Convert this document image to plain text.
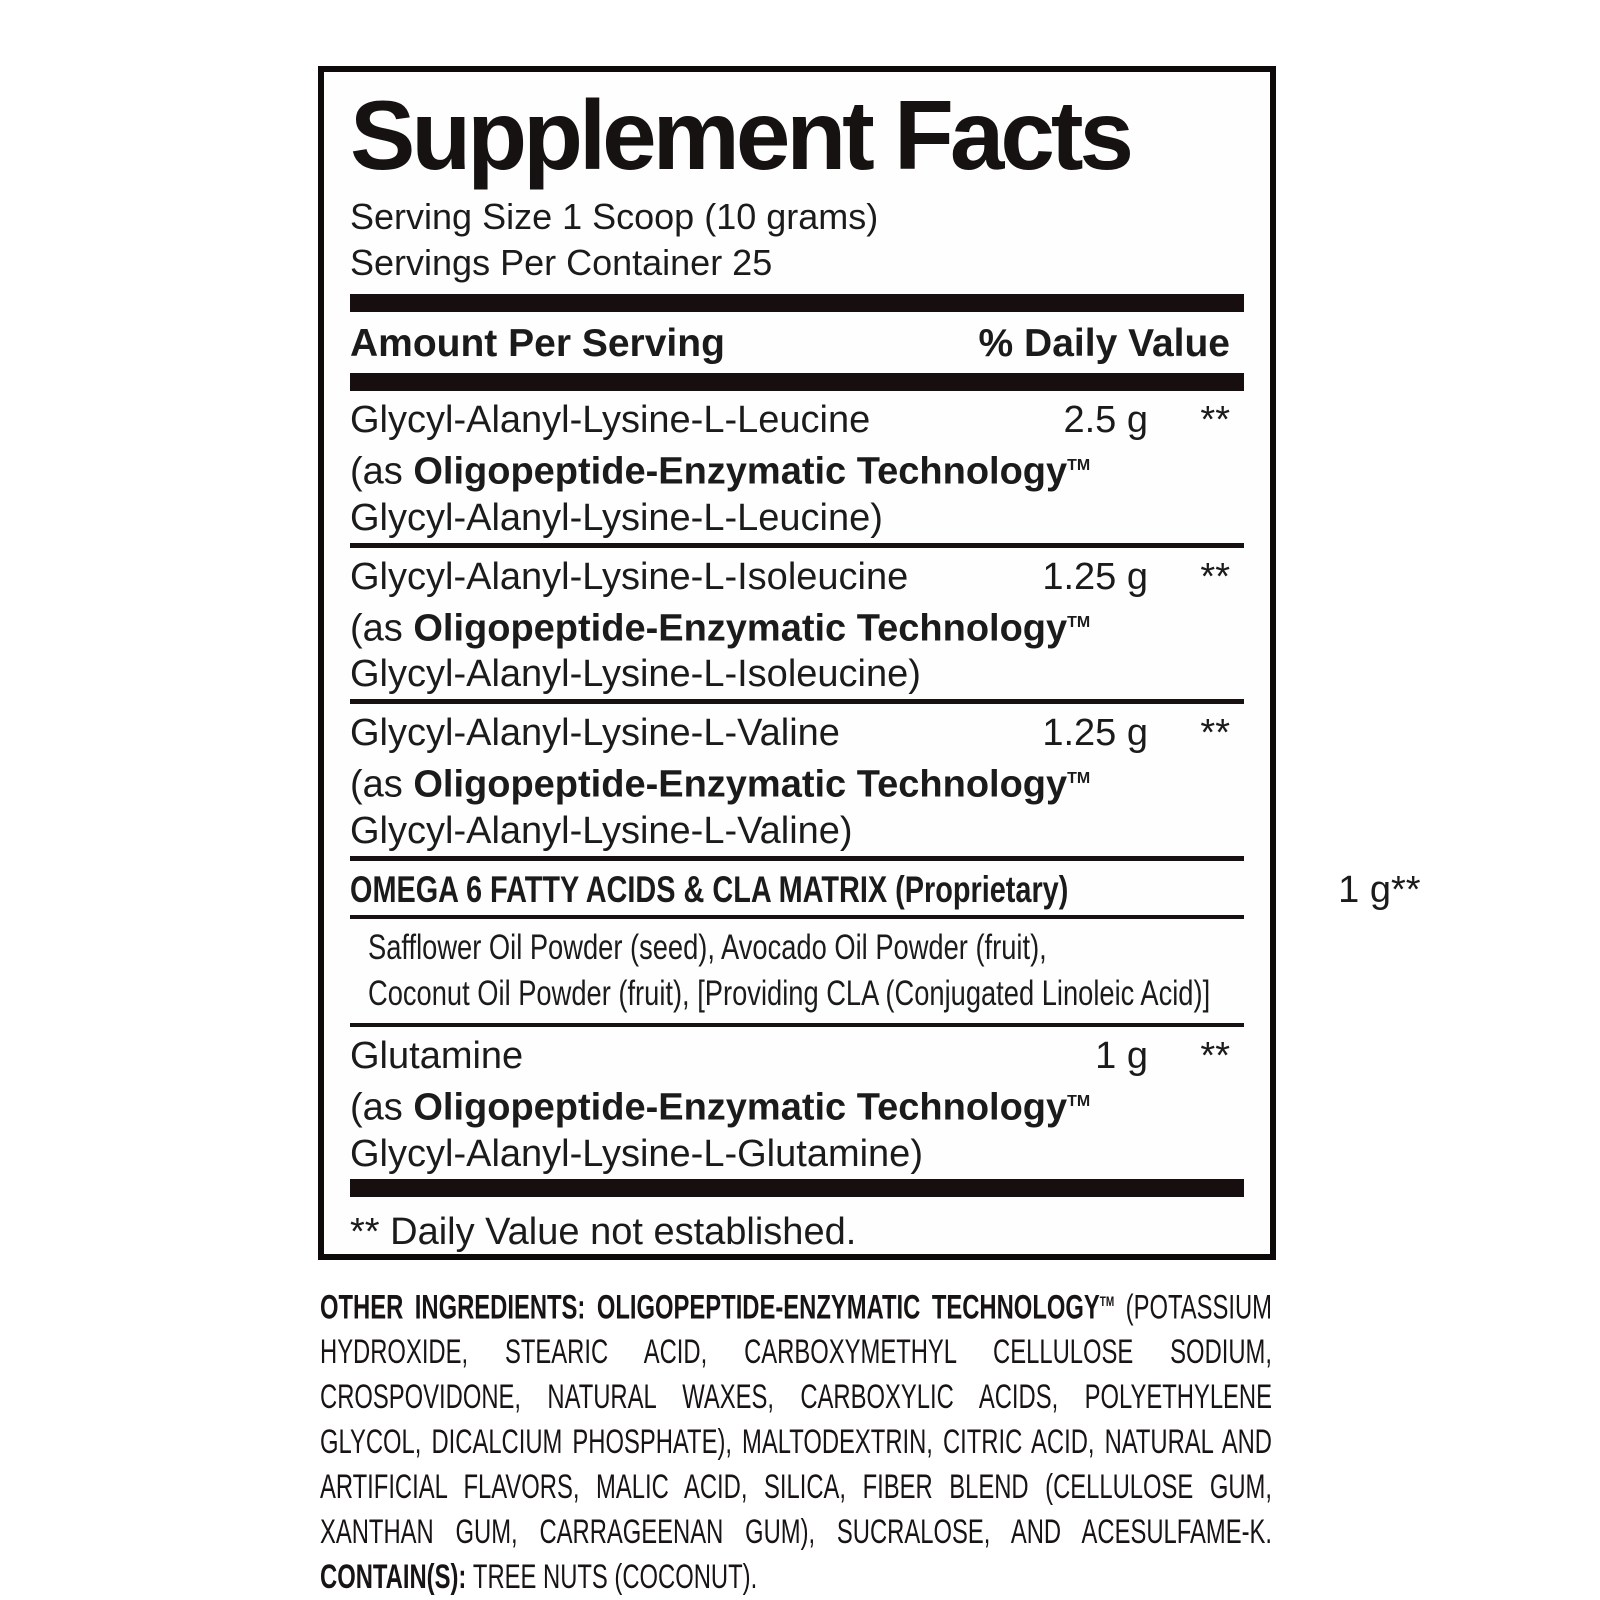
Supplement Facts
Serving Size 1 Scoop (10 grams)
Servings Per Container 25
Amount Per Serving	% Daily Value
Glycyl-Alanyl-Lysine-L-Leucine	2.5 g	**
(as Oligopeptide-Enzymatic Technology™
Glycyl-Alanyl-Lysine-L-Leucine)
Glycyl-Alanyl-Lysine-L-Isoleucine	1.25 g	**
(as Oligopeptide-Enzymatic Technology™
Glycyl-Alanyl-Lysine-L-Isoleucine)
Glycyl-Alanyl-Lysine-L-Valine	1.25 g	**
(as Oligopeptide-Enzymatic Technology™
Glycyl-Alanyl-Lysine-L-Valine)
OMEGA 6 FATTY ACIDS & CLA MATRIX (Proprietary)	1 g **
Safflower Oil Powder (seed), Avocado Oil Powder (fruit),
Coconut Oil Powder (fruit), [Providing CLA (Conjugated Linoleic Acid)]
Glutamine	1 g	**
(as Oligopeptide-Enzymatic Technology™
Glycyl-Alanyl-Lysine-L-Glutamine)
** Daily Value not established.
OTHER INGREDIENTS: OLIGOPEPTIDE-ENZYMATIC TECHNOLOGY™ (POTASSIUM HYDROXIDE, STEARIC ACID, CARBOXYMETHYL CELLULOSE SODIUM, CROSPOVIDONE, NATURAL WAXES, CARBOXYLIC ACIDS, POLYETHYLENE GLYCOL, DICALCIUM PHOSPHATE), MALTODEXTRIN, CITRIC ACID, NATURAL AND ARTIFICIAL FLAVORS, MALIC ACID, SILICA, FIBER BLEND (CELLULOSE GUM, XANTHAN GUM, CARRAGEENAN GUM), SUCRALOSE, AND ACESULFAME-K. CONTAIN(S): TREE NUTS (COCONUT).
